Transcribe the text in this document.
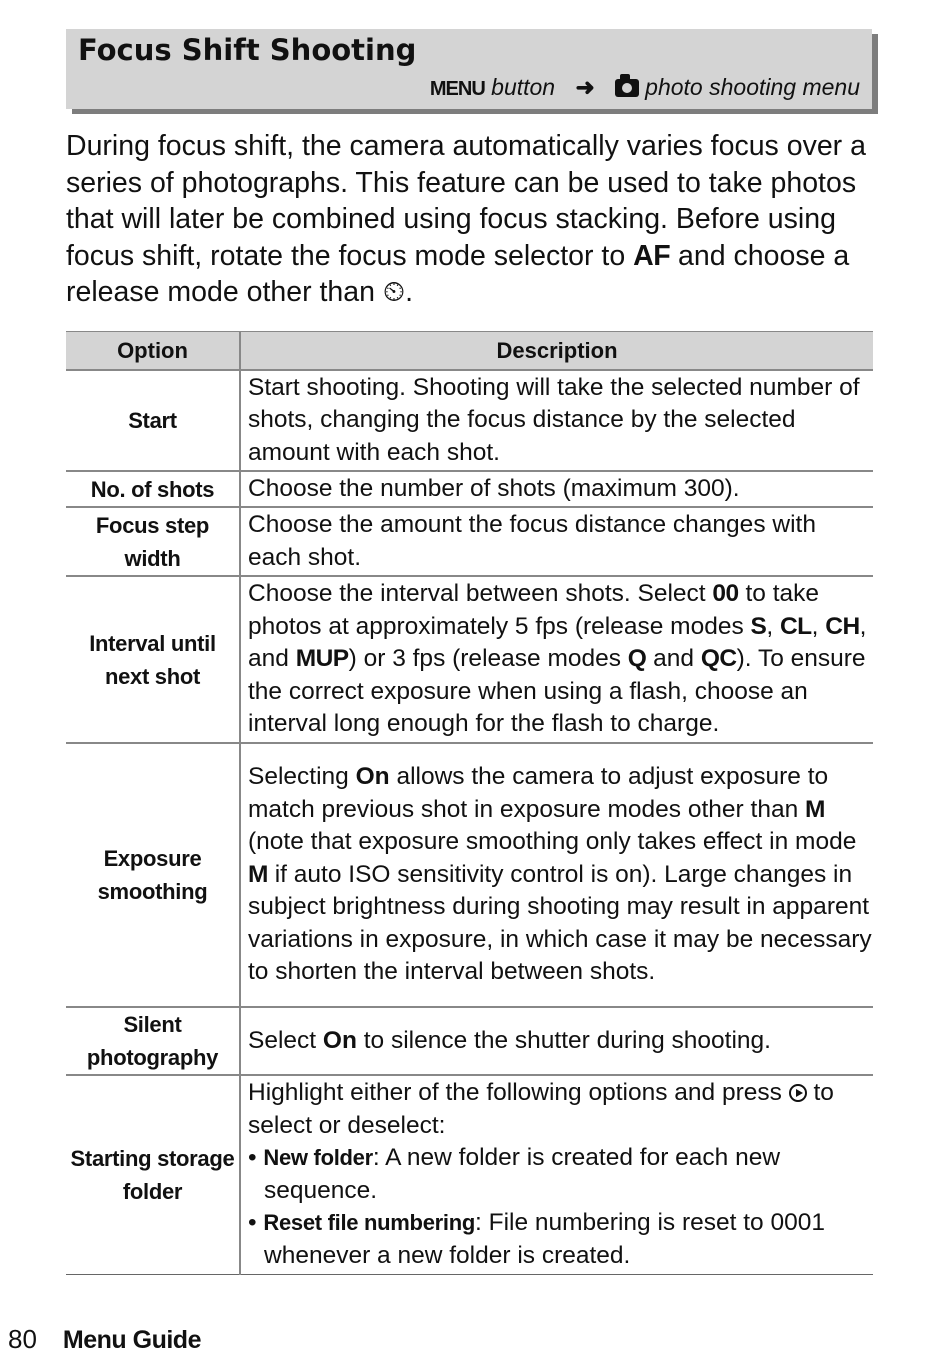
Focus Shift Shooting
MENU button ➜ photo shooting menu
During focus shift, the camera automatically varies focus over a series of photographs. This feature can be used to take photos that will later be combined using focus stacking. Before using focus shift, rotate the focus mode selector to AF and choose a release mode other than ⏲.
Option	Description
Start	Start shooting. Shooting will take the selected number of shots, changing the focus distance by the selected amount with each shot.
No. of shots	Choose the number of shots (maximum 300).
Focus step width	Choose the amount the focus distance changes with each shot.
Interval until next shot	Choose the interval between shots. Select 00 to take photos at approximately 5 fps (release modes S, CL, CH, and MUP) or 3 fps (release modes Q and QC). To ensure the correct exposure when using a flash, choose an interval long enough for the flash to charge.
Exposure smoothing	Selecting On allows the camera to adjust exposure to match previous shot in exposure modes other than M (note that exposure smoothing only takes effect in mode M if auto ISO sensitivity control is on). Large changes in subject brightness during shooting may result in apparent variations in exposure, in which case it may be necessary to shorten the interval between shots.
Silent photography	Select On to silence the shutter during shooting.
Starting storage folder	Highlight either of the following options and press  to select or deselect:
• New folder: A new folder is created for each new sequence.
• Reset file numbering: File numbering is reset to 0001 whenever a new folder is created.
80 Menu Guide
